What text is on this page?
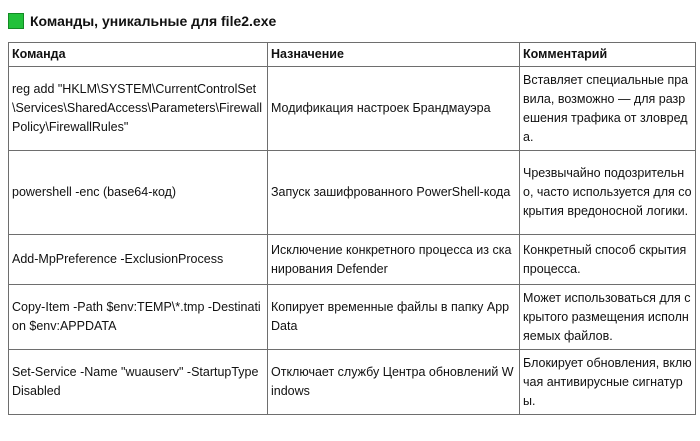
Команды, уникальные для file2.exe
Команда	Назначение	Комментарий
reg add "HKLM\SYSTEM\CurrentControlSet\Services\SharedAccess\Parameters\FirewallPolicy\FirewallRules"	Модификация настроек Брандмауэра	Вставляет специальные правила, возможно — для разрешения трафика от зловреда.
powershell -enc (base64-код)	Запуск зашифрованного PowerShell-кода	Чрезвычайно подозрительно, часто используется для сокрытия вредоносной логики.
Add-MpPreference -ExclusionProcess	Исключение конкретного процесса из сканирования Defender	Конкретный способ скрытия процесса.
Copy-Item -Path $env:TEMP\*.tmp -Destination $env:APPDATA	Копирует временные файлы в папку AppData	Может использоваться для скрытого размещения исполняемых файлов.
Set-Service -Name "wuauserv" -StartupType Disabled	Отключает службу Центра обновлений Windows	Блокирует обновления, включая антивирусные сигнатуры.
